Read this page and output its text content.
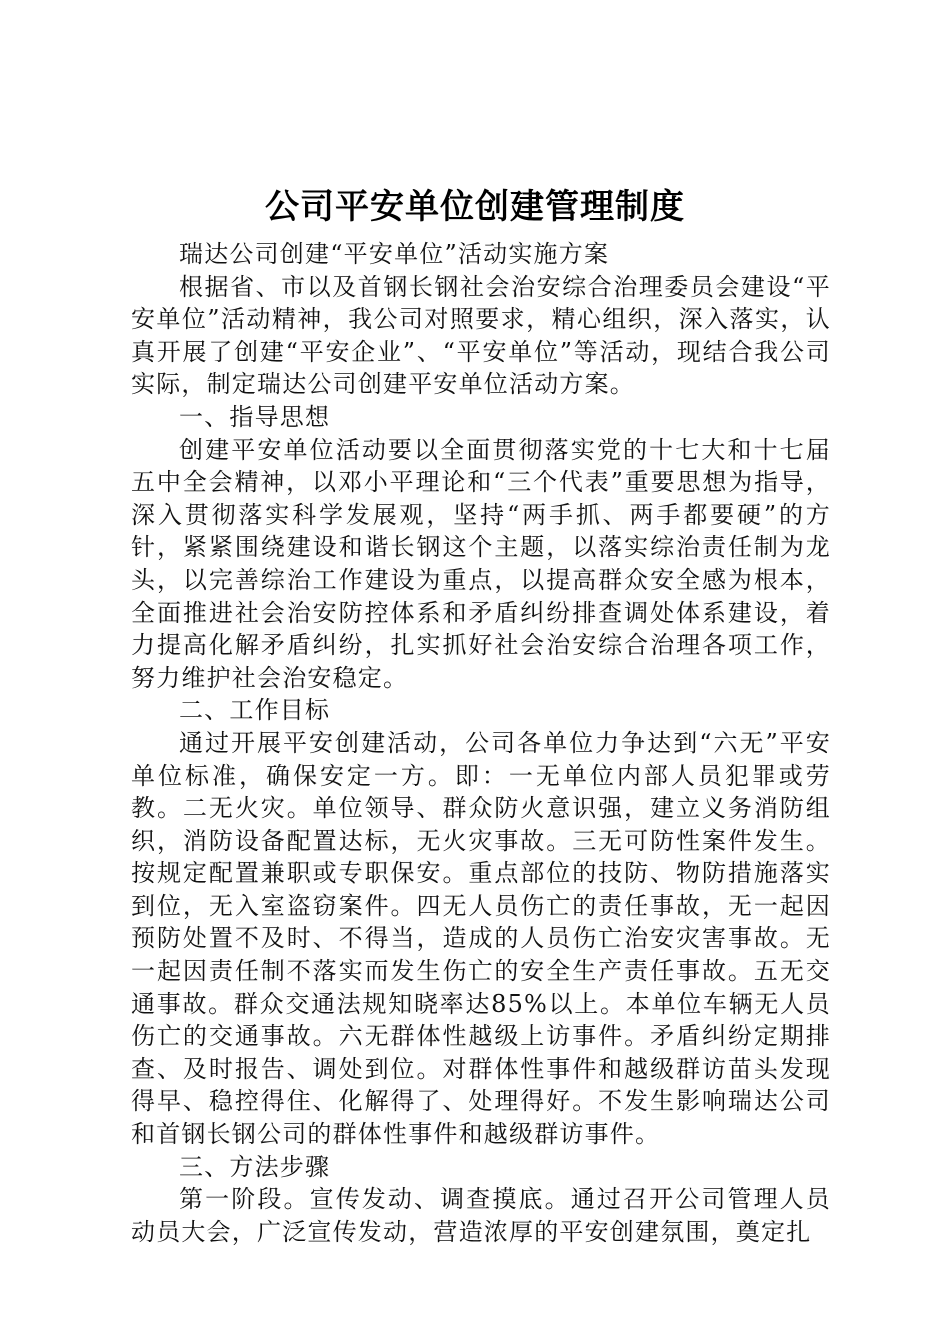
公司平安单位创建管理制度

瑞达公司创建“平安单位”活动实施方案

根据省、市以及首钢长钢社会治安综合治理委员会建设“平安单位”活动精神，我公司对照要求，精心组织，深入落实，认真开展了创建“平安企业”、“平安单位”等活动，现结合我公司实际，制定瑞达公司创建平安单位活动方案。

一、指导思想

创建平安单位活动要以全面贯彻落实党的十七大和十七届五中全会精神，以邓小平理论和“三个代表”重要思想为指导，深入贯彻落实科学发展观，坚持“两手抓、两手都要硬”的方针，紧紧围绕建设和谐长钢这个主题，以落实综治责任制为龙头，以完善综治工作建设为重点，以提高群众安全感为根本，全面推进社会治安防控体系和矛盾纠纷排查调处体系建设，着力提高化解矛盾纠纷，扎实抓好社会治安综合治理各项工作，努力维护社会治安稳定。

二、工作目标

通过开展平安创建活动，公司各单位力争达到“六无”平安单位标准，确保安定一方。即：一无单位内部人员犯罪或劳教。二无火灾。单位领导、群众防火意识强，建立义务消防组织，消防设备配置达标，无火灾事故。三无可防性案件发生。按规定配置兼职或专职保安。重点部位的技防、物防措施落实到位，无入室盗窃案件。四无人员伤亡的责任事故，无一起因预防处置不及时、不得当，造成的人员伤亡治安灾害事故。无一起因责任制不落实而发生伤亡的安全生产责任事故。五无交通事故。群众交通法规知晓率达85%以上。本单位车辆无人员伤亡的交通事故。六无群体性越级上访事件。矛盾纠纷定期排查、及时报告、调处到位。对群体性事件和越级群访苗头发现得早、稳控得住、化解得了、处理得好。不发生影响瑞达公司和首钢长钢公司的群体性事件和越级群访事件。

三、方法步骤

第一阶段。宣传发动、调查摸底。通过召开公司管理人员动员大会，广泛宣传发动，营造浓厚的平安创建氛围，奠定扎
